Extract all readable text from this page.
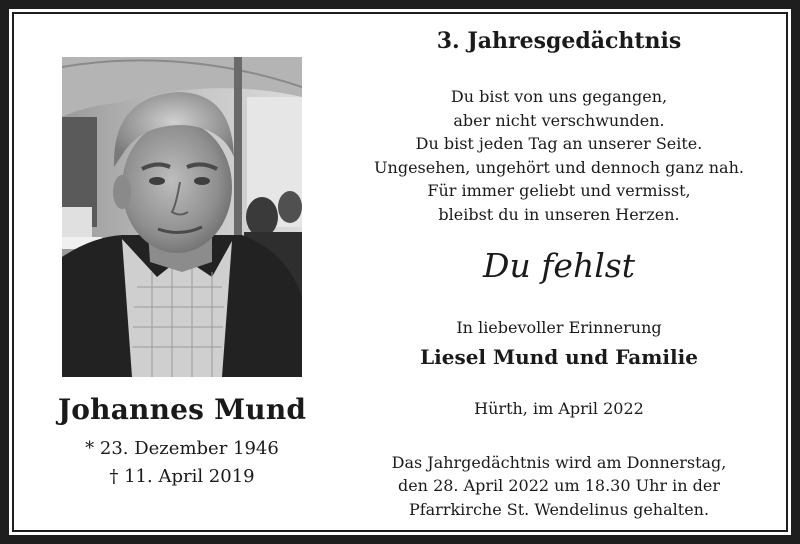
Johannes Mund
* 23. Dezember 1946
† 11. April 2019
3. Jahresgedächtnis
Du bist von uns gegangen,
aber nicht verschwunden.
Du bist jeden Tag an unserer Seite.
Ungesehen, ungehört und dennoch ganz nah.
Für immer geliebt und vermisst,
bleibst du in unseren Herzen.
Du fehlst
In liebevoller Erinnerung
Liesel Mund und Familie
Hürth, im April 2022
Das Jahrgedächtnis wird am Donnerstag,
den 28. April 2022 um 18.30 Uhr in der
Pfarrkirche St. Wendelinus gehalten.
